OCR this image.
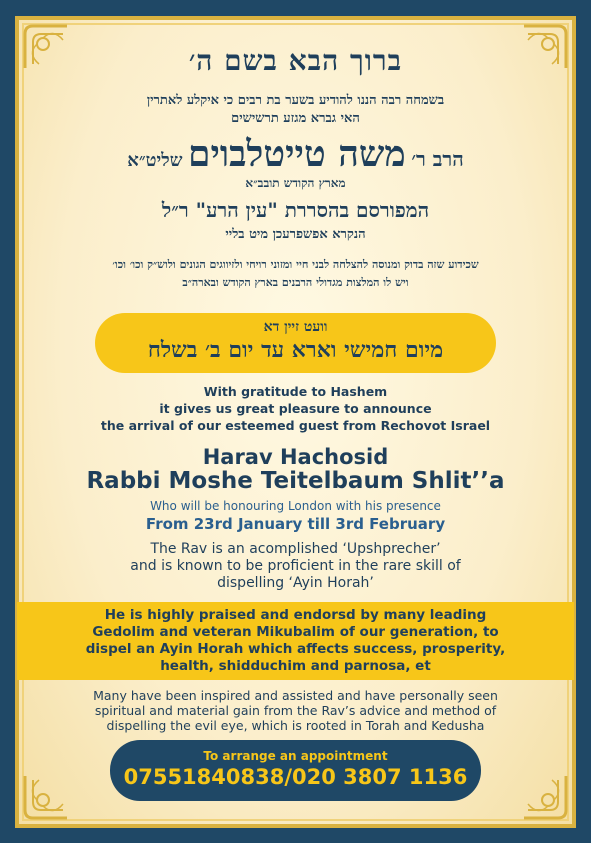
ברוך הבא בשם ה׳
בשמחה רבה הננו להודיע בשער בת רבים כי איקלע לאתרין
האי גברא מגזע תרשישים
הרב ר׳ משה טייטלבוים שליט״א
מארץ הקודש תובב״א
המפורסם בהסררת "עין הרע" ר״ל
הנקרא אפשפרעכן מיט בליי
שכידוע שזה בדוק ומנוסה להצלחה לבני חיי ומזוני רויחי ולזיווגים הגונים ולוש״ק וכו׳ וכו׳
ויש לו המלצות מגדולי הרבנים בארץ הקודש ובארה״ב
וועט זיין דא
מיום חמישי וארא עד יום ב׳ בשלח
With gratitude to Hashem
it gives us great pleasure to announce
the arrival of our esteemed guest from Rechovot Israel
Harav Hachosid
Rabbi Moshe Teitelbaum Shlit’’a
Who will be honouring London with his presence
From 23rd January till 3rd February
The Rav is an acomplished ‘Upshprecher’
and is known to be proficient in the rare skill of
dispelling ‘Ayin Horah’
He is highly praised and endorsd by many leading
Gedolim and veteran Mikubalim of our generation, to
dispel an Ayin Horah which affects success, prosperity,
health, shidduchim and parnosa, et
Many have been inspired and assisted and have personally seen
spiritual and material gain from the Rav’s advice and method of
dispelling the evil eye, which is rooted in Torah and Kedusha
To arrange an appointment
07551840838/020 3807 1136
